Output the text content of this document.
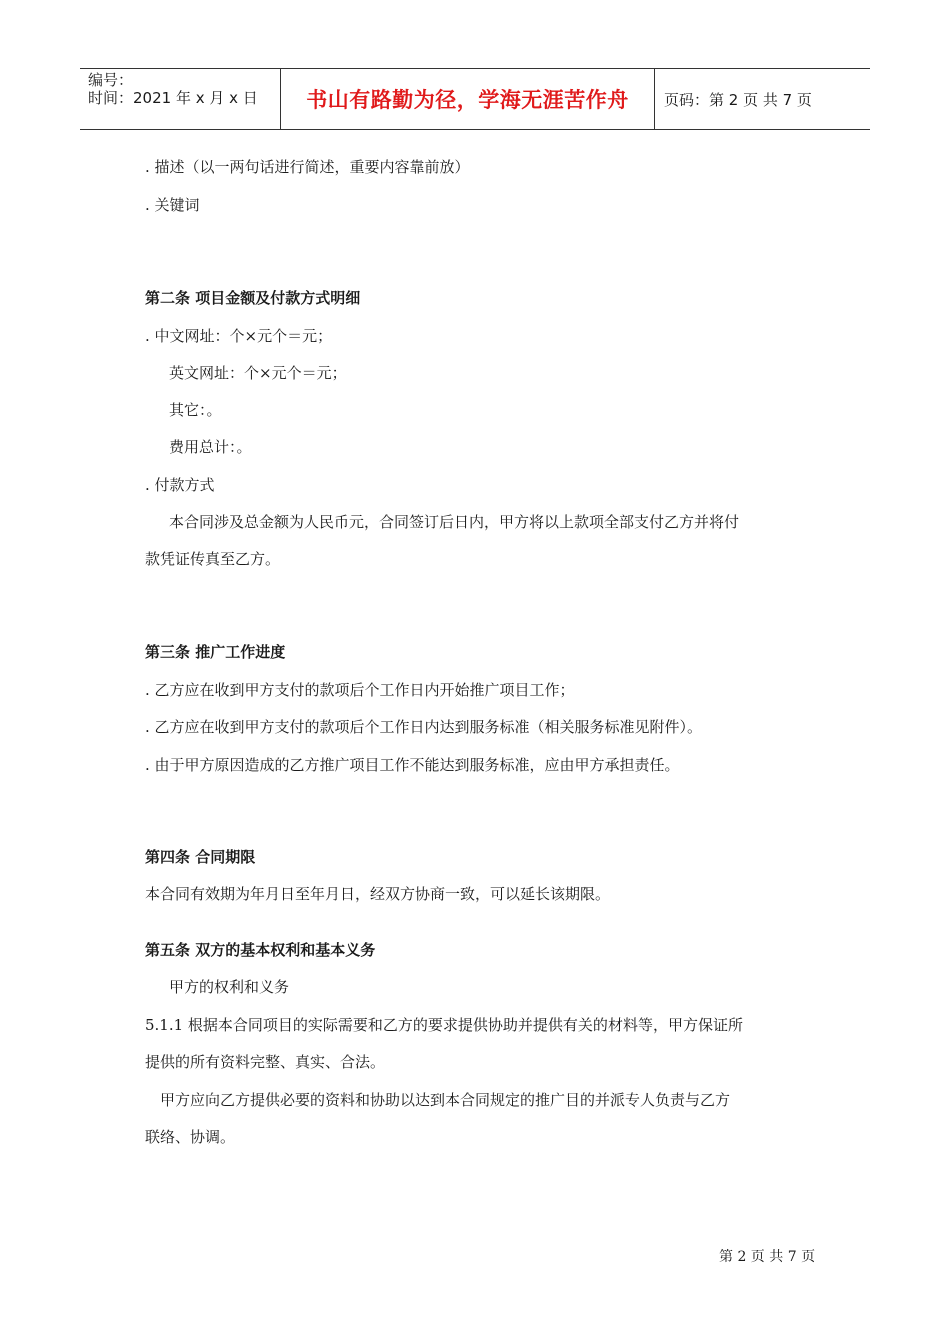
编号：
时间：2021 年 x 月 x 日	书山有路勤为径，学海无涯苦作舟	页码：第 2 页 共 7 页
. 描述（以一两句话进行简述，重要内容靠前放）
. 关键词
第二条 项目金额及付款方式明细
. 中文网址：个×元个＝元；
英文网址：个×元个＝元；
其它：。
费用总计：。
. 付款方式
本合同涉及总金额为人民币元，合同签订后日内，甲方将以上款项全部支付乙方并将付
款凭证传真至乙方。
第三条 推广工作进度
. 乙方应在收到甲方支付的款项后个工作日内开始推广项目工作；
. 乙方应在收到甲方支付的款项后个工作日内达到服务标准（相关服务标准见附件）。
. 由于甲方原因造成的乙方推广项目工作不能达到服务标准，应由甲方承担责任。
第四条 合同期限
本合同有效期为年月日至年月日，经双方协商一致，可以延长该期限。
第五条 双方的基本权利和基本义务
甲方的权利和义务
5.1.1 根据本合同项目的实际需要和乙方的要求提供协助并提供有关的材料等，甲方保证所
提供的所有资料完整、真实、合法。
甲方应向乙方提供必要的资料和协助以达到本合同规定的推广目的并派专人负责与乙方
联络、协调。
第 2 页 共 7 页
